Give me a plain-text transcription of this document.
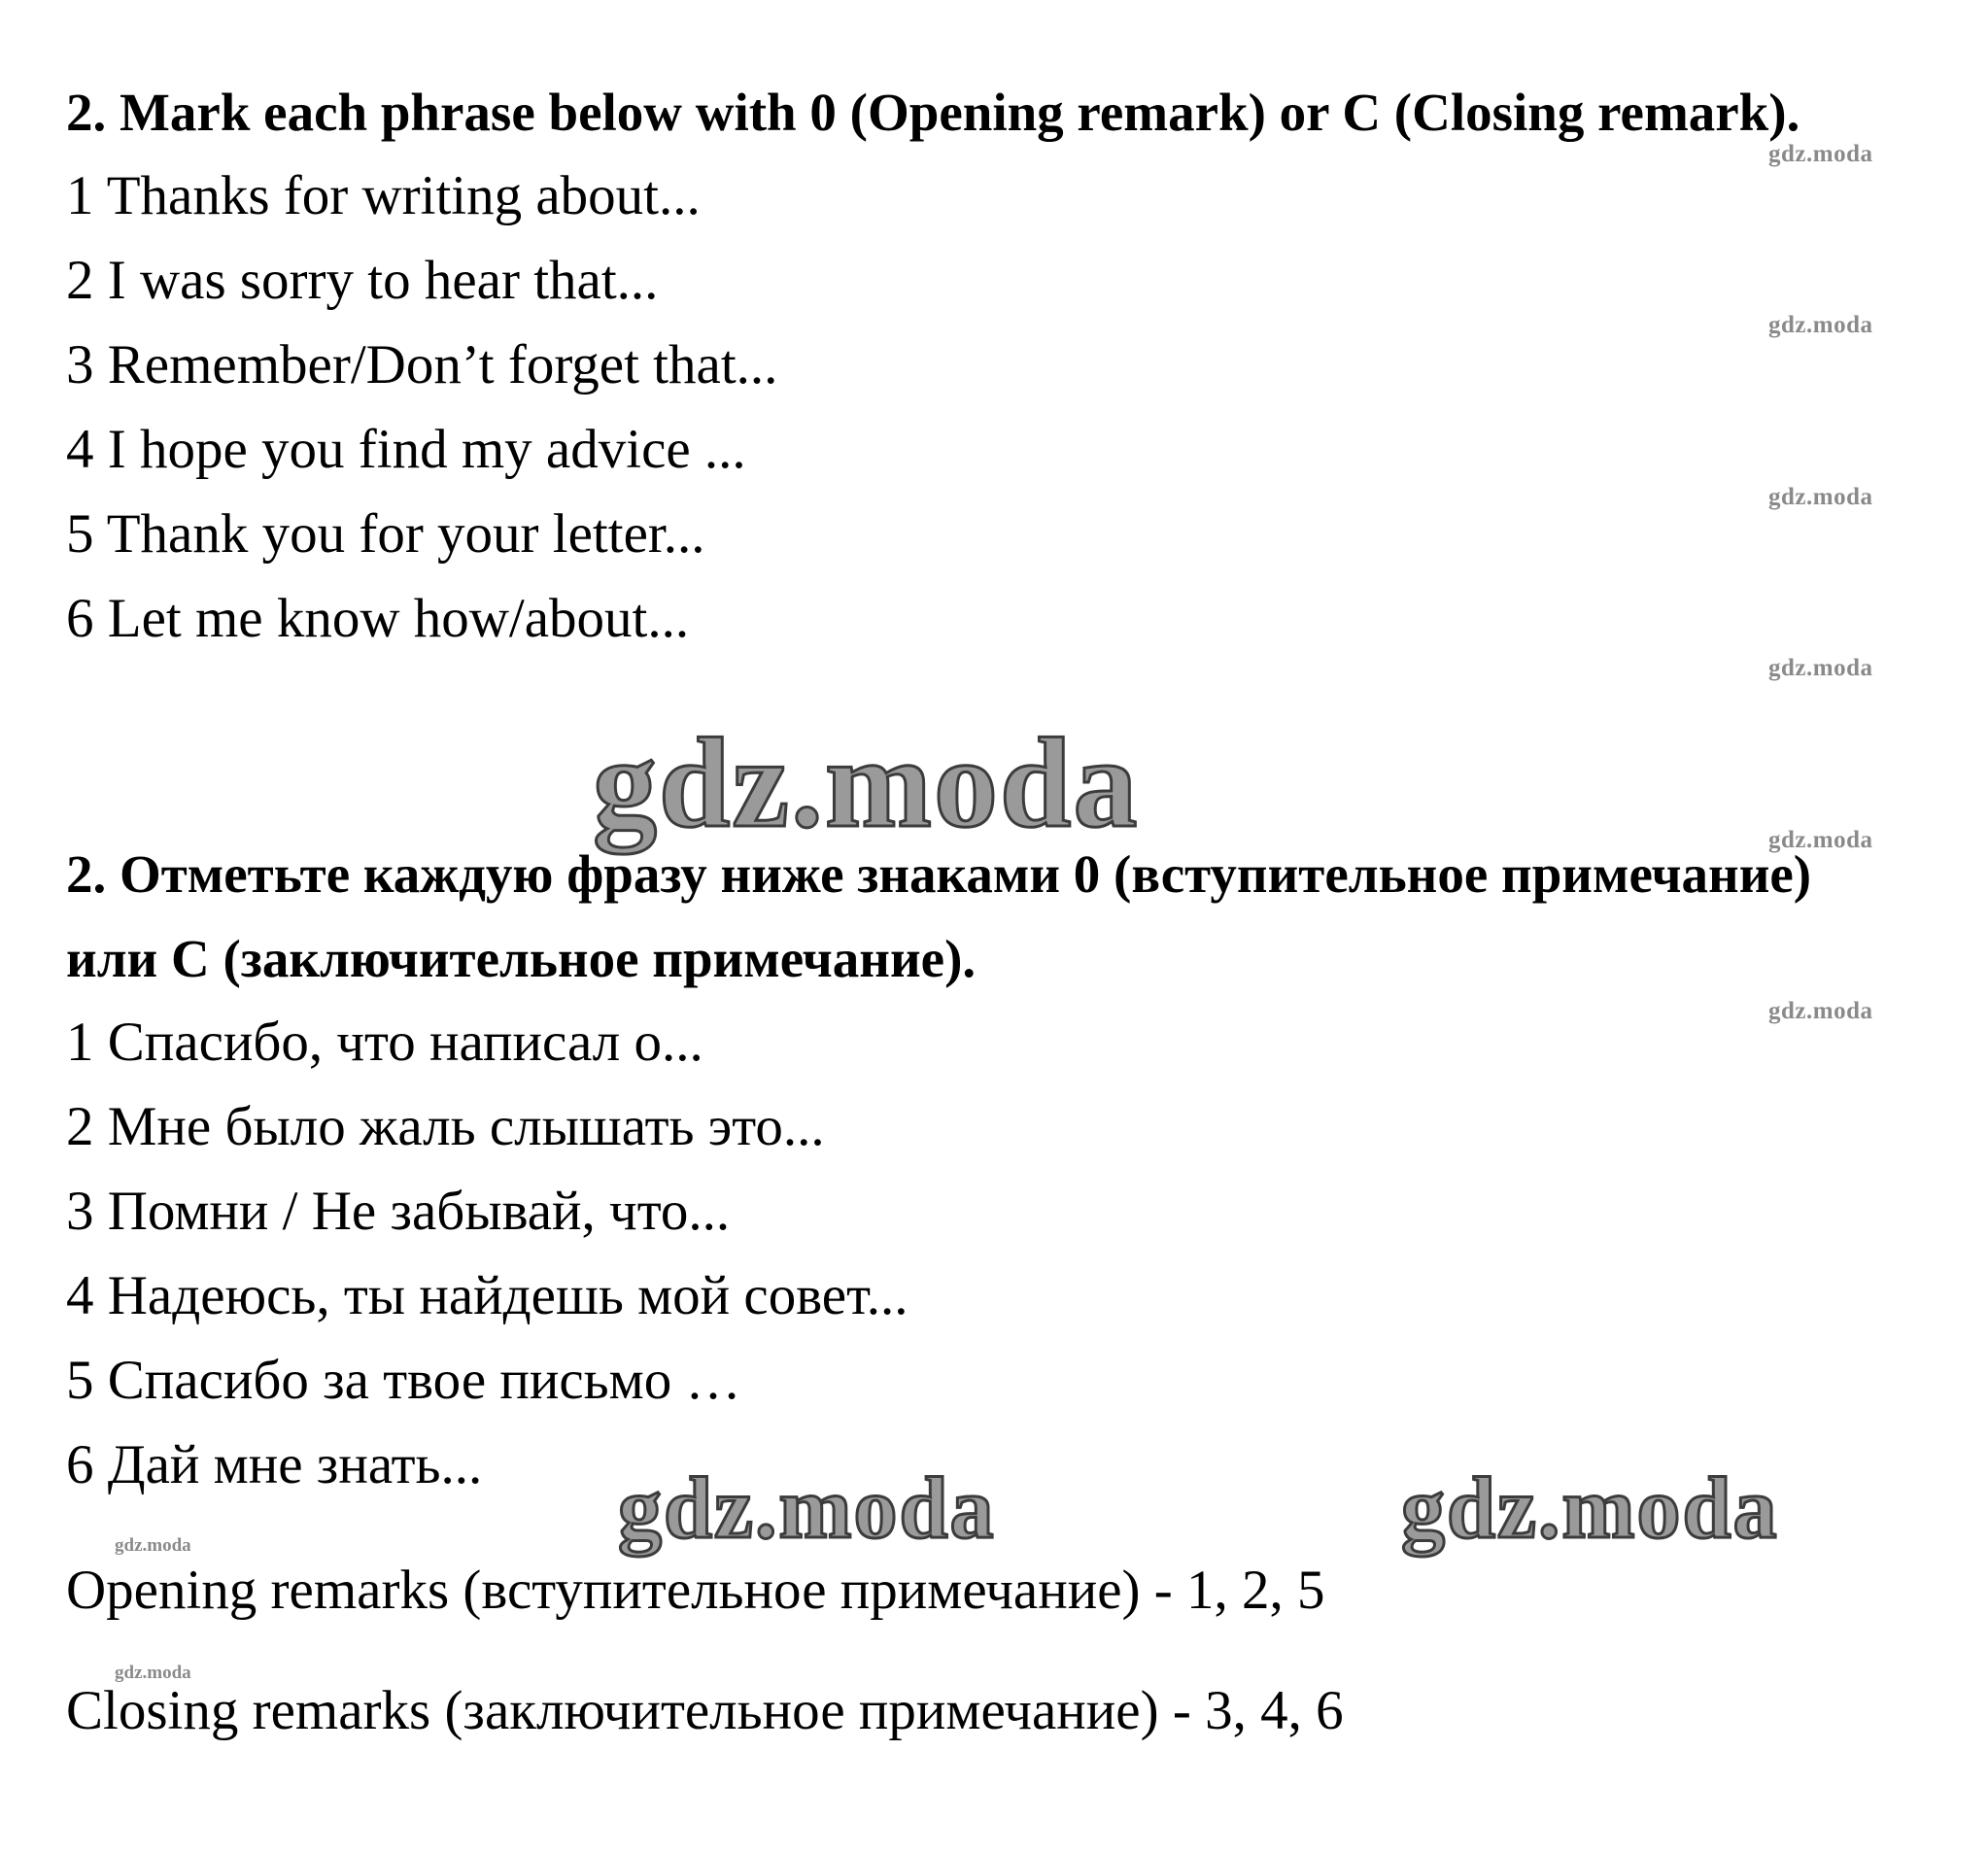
2. Mark each phrase below with 0 (Opening remark) or C (Closing remark).
1 Thanks for writing about...
2 I was sorry to hear that...
3 Remember/Don’t forget that...
4 I hope you find my advice ...
5 Thank you for your letter...
6 Let me know how/about...
2. Отметьте каждую фразу ниже знаками 0 (вступительное примечание)
или С (заключительное примечание).
1 Спасибо, что написал о...
2 Мне было жаль слышать это...
3 Помни / Не забывай, что...
4 Надеюсь, ты найдешь мой совет...
5 Спасибо за твое письмо …
6 Дай мне знать...
Opening remarks (вступительное примечание) - 1, 2, 5
Closing remarks (заключительное примечание) - 3, 4, 6
gdz.moda
gdz.moda
gdz.moda
gdz.moda
gdz.moda
gdz.moda
gdz.moda
gdz.moda
gdz.moda
gdz.moda	gdz.moda
